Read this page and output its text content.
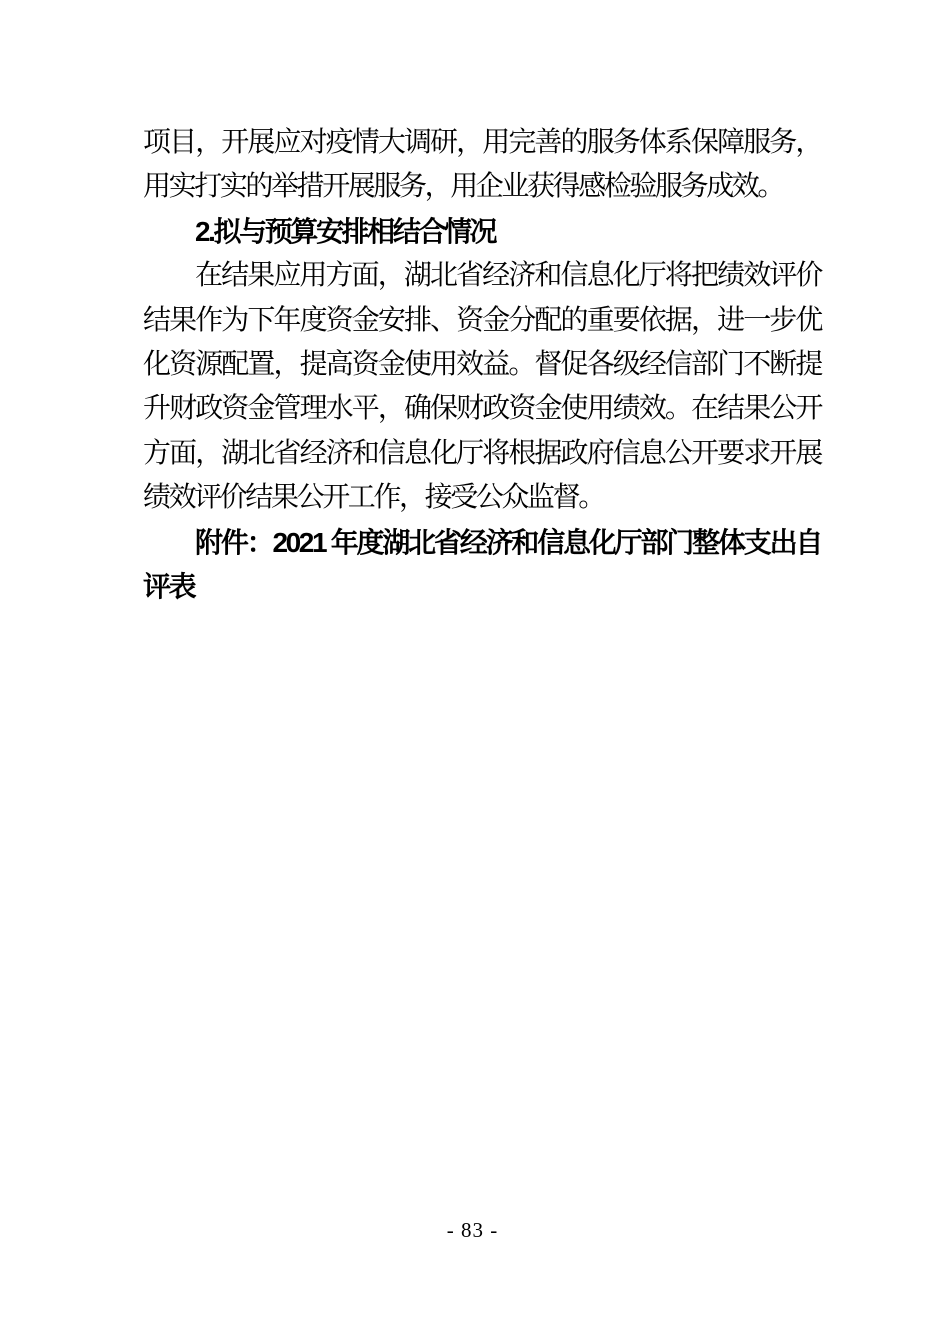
项目，开展应对疫情大调研，用完善的服务体系保障服务，
用实打实的举措开展服务，用企业获得感检验服务成效。
2.拟与预算安排相结合情况
在结果应用方面，湖北省经济和信息化厅将把绩效评价
结果作为下年度资金安排、资金分配的重要依据，进一步优
化资源配置，提高资金使用效益。督促各级经信部门不断提
升财政资金管理水平，确保财政资金使用绩效。在结果公开
方面，湖北省经济和信息化厅将根据政府信息公开要求开展
绩效评价结果公开工作，接受公众监督。
附件：2021 年度湖北省经济和信息化厅部门整体支出自
评表
- 83 -
